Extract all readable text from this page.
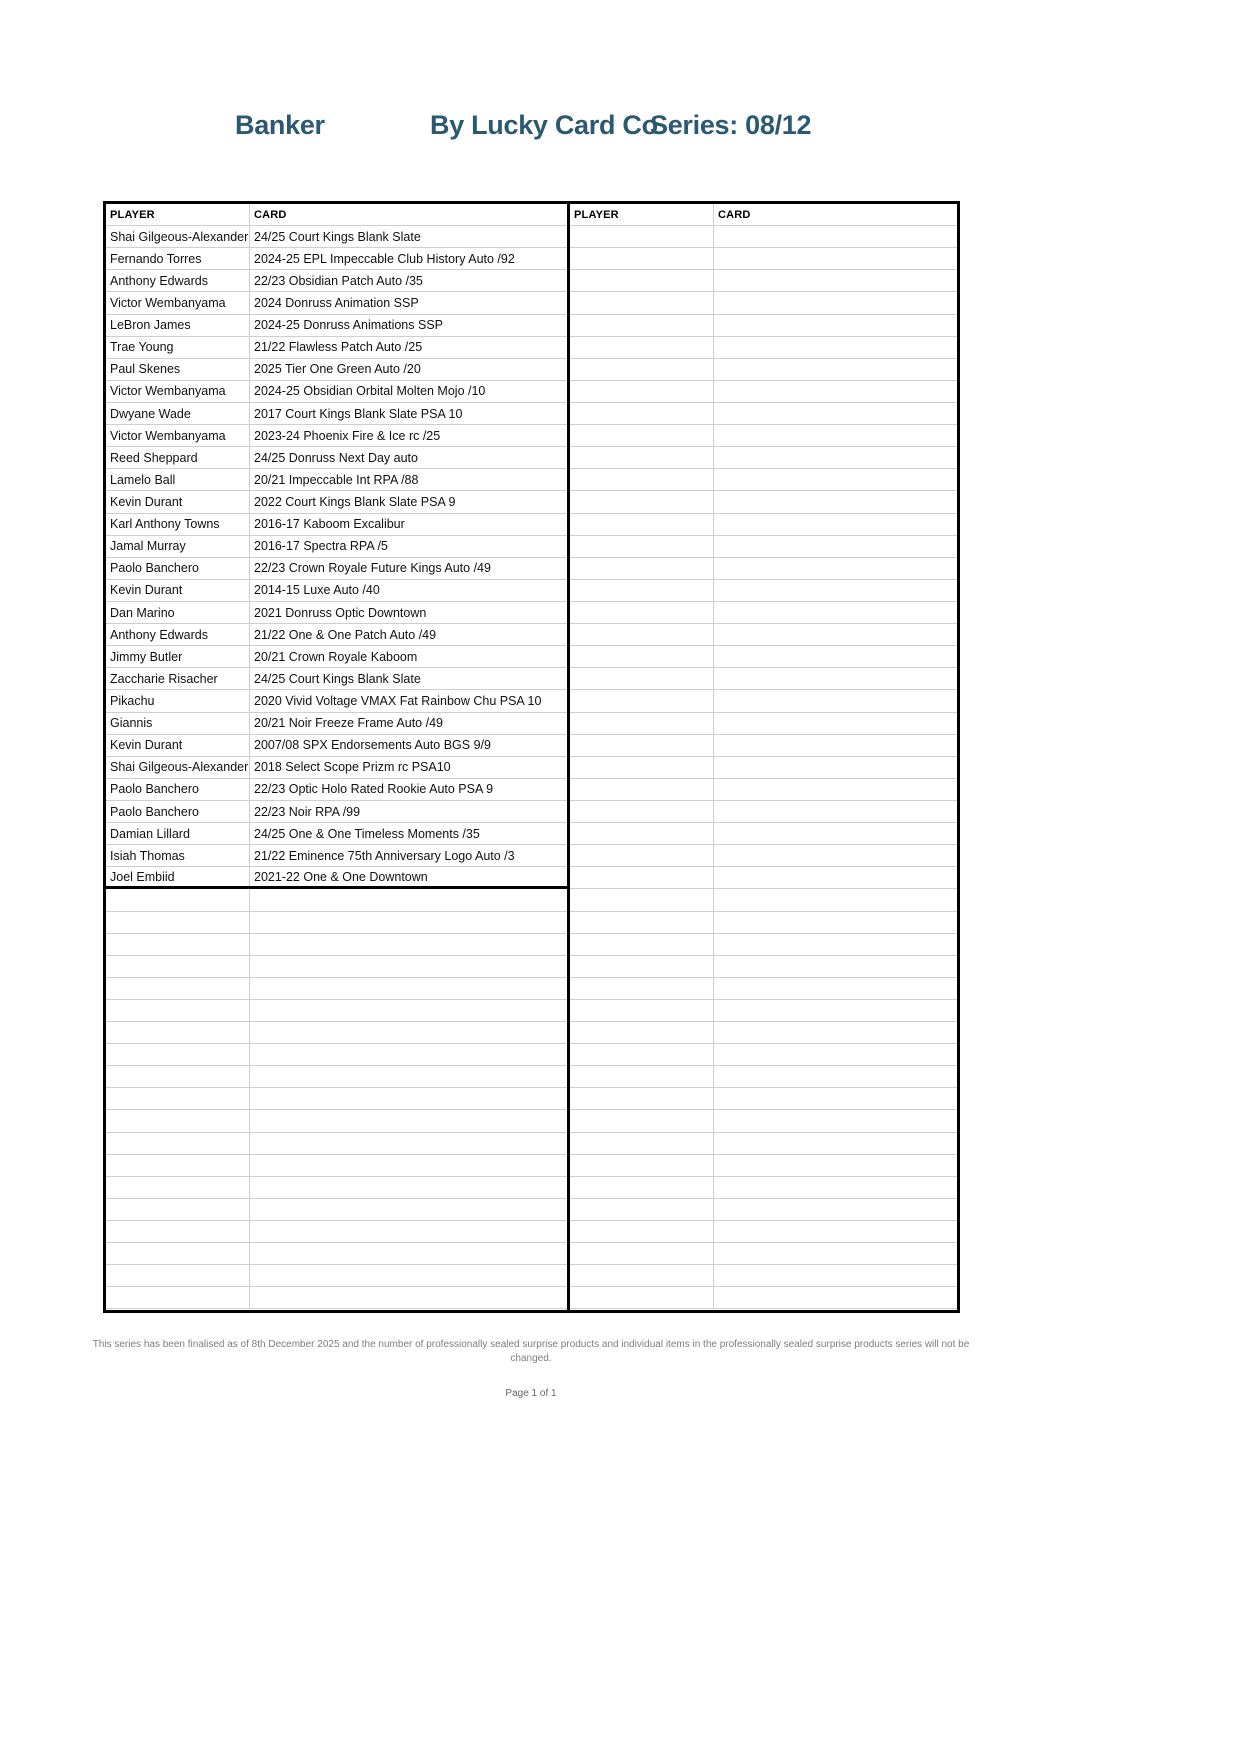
Banker	By Lucky Card Co
Series: 08/12
PLAYER	CARD
Shai Gilgeous-Alexander 24/25 Court Kings Blank Slate
Fernando Torres	2024-25 EPL Impeccable Club History Auto /92
Anthony Edwards	22/23 Obsidian Patch Auto /35
Victor Wembanyama	2024 Donruss Animation SSP
LeBron James	2024-25 Donruss Animations SSP
Trae Young	21/22 Flawless Patch Auto /25
Paul Skenes	2025 Tier One Green Auto /20
Victor Wembanyama	2024-25 Obsidian Orbital Molten Mojo /10
Dwyane Wade	2017 Court Kings Blank Slate PSA 10
Victor Wembanyama	2023-24 Phoenix Fire & Ice rc /25
Reed Sheppard	24/25 Donruss Next Day auto
Lamelo Ball	20/21 Impeccable Int RPA /88
Kevin Durant	2022 Court Kings Blank Slate PSA 9
Karl Anthony Towns	2016-17 Kaboom Excalibur
Jamal Murray	2016-17 Spectra RPA /5
Paolo Banchero	22/23 Crown Royale Future Kings Auto /49
Kevin Durant	2014-15 Luxe Auto /40
Dan Marino	2021 Donruss Optic Downtown
Anthony Edwards	21/22 One & One Patch Auto /49
Jimmy Butler	20/21 Crown Royale Kaboom
Zaccharie Risacher	24/25 Court Kings Blank Slate
Pikachu	2020 Vivid Voltage VMAX Fat Rainbow Chu PSA 10
Giannis	20/21 Noir Freeze Frame Auto /49
Kevin Durant	2007/08 SPX Endorsements Auto BGS 9/9
Shai Gilgeous-Alexander 2018 Select Scope Prizm rc PSA10
Paolo Banchero	22/23 Optic Holo Rated Rookie Auto PSA 9
Paolo Banchero	22/23 Noir RPA /99
Damian Lillard	24/25 One & One Timeless Moments /35
Isiah Thomas	21/22 Eminence 75th Anniversary Logo Auto /3
Joel Embiid	2021-22 One & One Downtown
PLAYER	CARD
This series has been finalised as of 8th December 2025 and the number of professionally sealed surprise products and individual items in the professionally sealed surprise products series will not be changed.
Page 1 of 1
